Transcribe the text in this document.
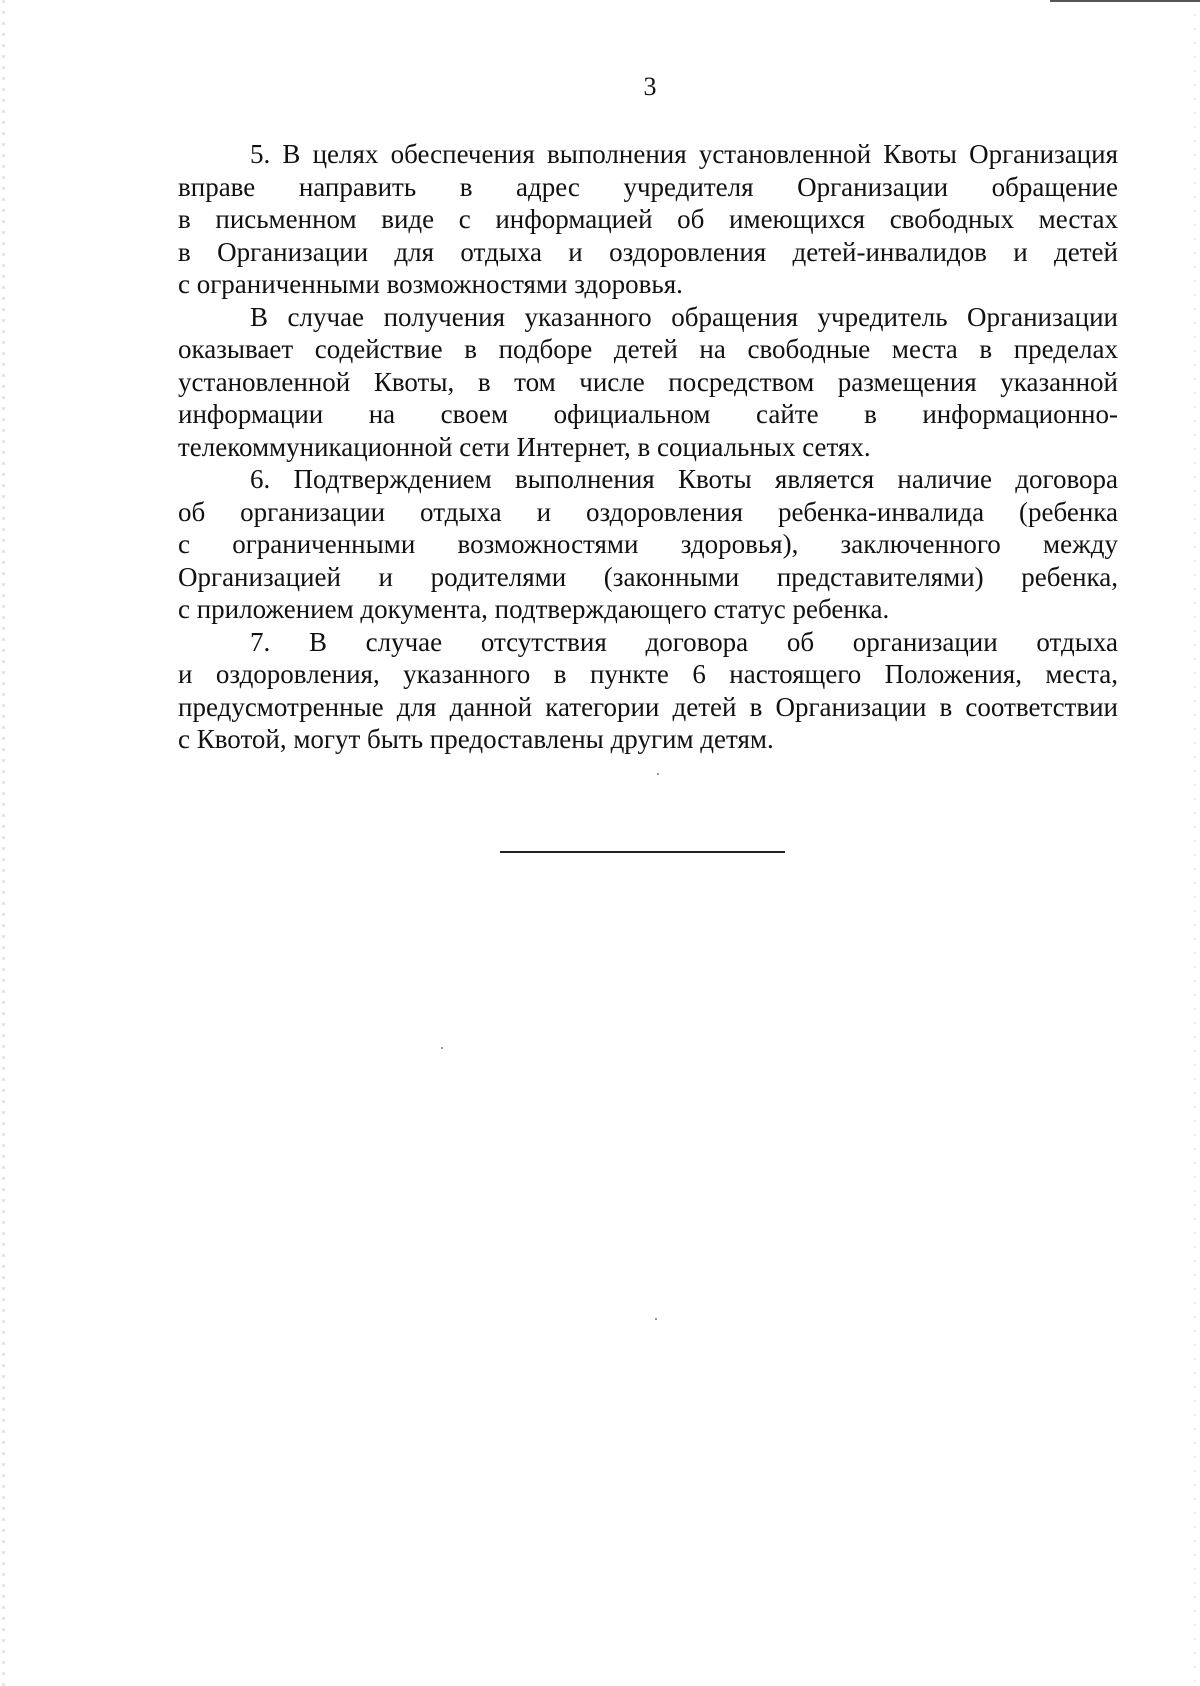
3
5. В целях обеспечения выполнения установленной Квоты Организация
вправе направить в адрес учредителя Организации обращение
в письменном виде с информацией об имеющихся свободных местах
в Организации для отдыха и оздоровления детей-инвалидов и детей
с ограниченными возможностями здоровья.
В случае получения указанного обращения учредитель Организации
оказывает содействие в подборе детей на свободные места в пределах
установленной Квоты, в том числе посредством размещения указанной
информации на своем официальном сайте в информационно-
телекоммуникационной сети Интернет, в социальных сетях.
6. Подтверждением выполнения Квоты является наличие договора
об организации отдыха и оздоровления ребенка-инвалида (ребенка
с ограниченными возможностями здоровья), заключенного между
Организацией и родителями (законными представителями) ребенка,
с приложением документа, подтверждающего статус ребенка.
7. В случае отсутствия договора об организации отдыха
и оздоровления, указанного в пункте 6 настоящего Положения, места,
предусмотренные для данной категории детей в Организации в соответствии
с Квотой, могут быть предоставлены другим детям.
